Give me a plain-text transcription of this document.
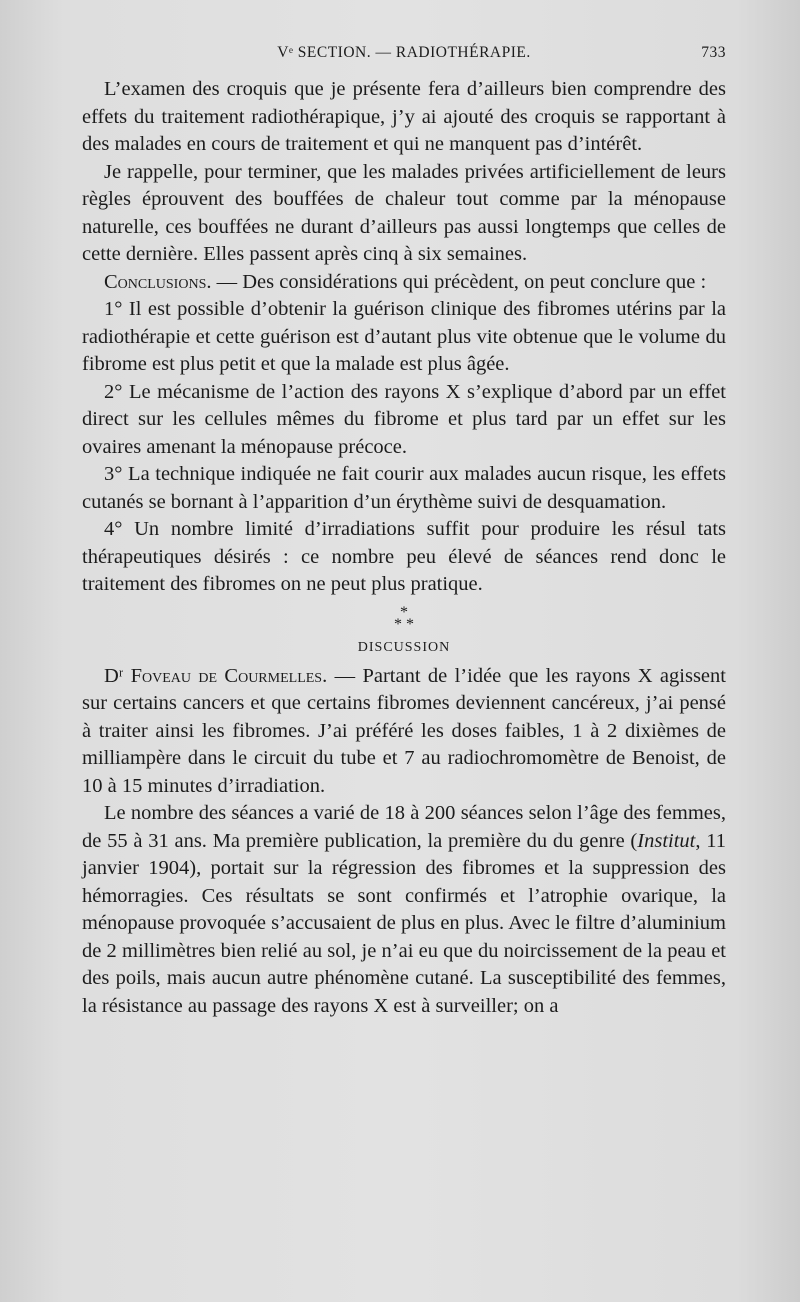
Vᵉ SECTION. — RADIOTHÉRAPIE.	733

L’examen des croquis que je présente fera d’ailleurs bien comprendre des effets du traitement radiothérapique, j’y ai ajouté des croquis se rapportant à des malades en cours de traitement et qui ne manquent pas d’intérêt.

Je rappelle, pour terminer, que les malades privées artificiellement de leurs règles éprouvent des bouffées de chaleur tout comme par la ménopause naturelle, ces bouffées ne durant d’ailleurs pas aussi longtemps que celles de cette dernière. Elles passent après cinq à six semaines.

Conclusions. — Des considérations qui précèdent, on peut conclure que :

1° Il est possible d’obtenir la guérison clinique des fibromes utérins par la radiothérapie et cette guérison est d’autant plus vite obtenue que le volume du fibrome est plus petit et que la malade est plus âgée.

2° Le mécanisme de l’action des rayons X s’explique d’abord par un effet direct sur les cellules mêmes du fibrome et plus tard par un effet sur les ovaires amenant la ménopause précoce.

3° La technique indiquée ne fait courir aux malades aucun risque, les effets cutanés se bornant à l’apparition d’un érythème suivi de desquamation.

4° Un nombre limité d’irradiations suffit pour produire les résul tats thérapeutiques désirés : ce nombre peu élevé de séances rend donc le traitement des fibromes on ne peut plus pratique.

*
* *
DISCUSSION

Dʳ Foveau de Courmelles. — Partant de l’idée que les rayons X agissent sur certains cancers et que certains fibromes deviennent cancéreux, j’ai pensé à traiter ainsi les fibromes. J’ai préféré les doses faibles, 1 à 2 dixièmes de milliampère dans le circuit du tube et 7 au radiochromomètre de Benoist, de 10 à 15 minutes d’irradiation.

Le nombre des séances a varié de 18 à 200 séances selon l’âge des femmes, de 55 à 31 ans. Ma première publication, la première du du genre (Institut, 11 janvier 1904), portait sur la régression des fibromes et la suppression des hémorragies. Ces résultats se sont confirmés et l’atrophie ovarique, la ménopause provoquée s’accusaient de plus en plus. Avec le filtre d’aluminium de 2 millimètres bien relié au sol, je n’ai eu que du noircissement de la peau et des poils, mais aucun autre phénomène cutané. La susceptibilité des femmes, la résistance au passage des rayons X est à surveiller; on a
